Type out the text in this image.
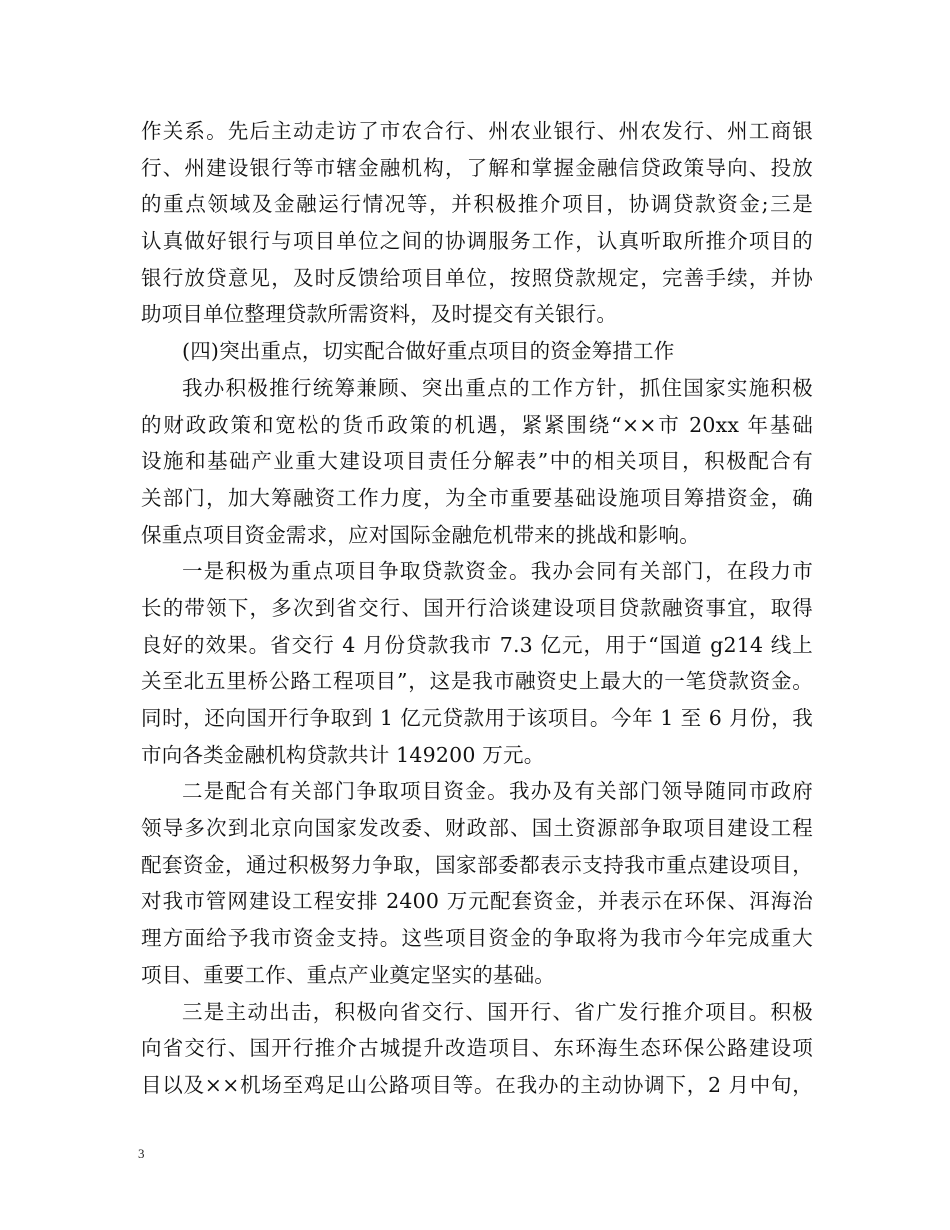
作关系。先后主动走访了市农合行、州农业银行、州农发行、州工商银
行、州建设银行等市辖金融机构，了解和掌握金融信贷政策导向、投放
的重点领域及金融运行情况等，并积极推介项目，协调贷款资金;三是
认真做好银行与项目单位之间的协调服务工作，认真听取所推介项目的
银行放贷意见，及时反馈给项目单位，按照贷款规定，完善手续，并协
助项目单位整理贷款所需资料，及时提交有关银行。
(四)突出重点，切实配合做好重点项目的资金筹措工作
我办积极推行统筹兼顾、突出重点的工作方针，抓住国家实施积极
的财政政策和宽松的货币政策的机遇，紧紧围绕“××市 20xx 年基础
设施和基础产业重大建设项目责任分解表”中的相关项目，积极配合有
关部门，加大筹融资工作力度，为全市重要基础设施项目筹措资金，确
保重点项目资金需求，应对国际金融危机带来的挑战和影响。
一是积极为重点项目争取贷款资金。我办会同有关部门，在段力市
长的带领下，多次到省交行、国开行洽谈建设项目贷款融资事宜，取得
良好的效果。省交行 4 月份贷款我市 7.3 亿元，用于“国道 g214 线上
关至北五里桥公路工程项目”，这是我市融资史上最大的一笔贷款资金。
同时，还向国开行争取到 1 亿元贷款用于该项目。今年 1 至 6 月份，我
市向各类金融机构贷款共计 149200 万元。
二是配合有关部门争取项目资金。我办及有关部门领导随同市政府
领导多次到北京向国家发改委、财政部、国土资源部争取项目建设工程
配套资金，通过积极努力争取，国家部委都表示支持我市重点建设项目，
对我市管网建设工程安排 2400 万元配套资金，并表示在环保、洱海治
理方面给予我市资金支持。这些项目资金的争取将为我市今年完成重大
项目、重要工作、重点产业奠定坚实的基础。
三是主动出击，积极向省交行、国开行、省广发行推介项目。积极
向省交行、国开行推介古城提升改造项目、东环海生态环保公路建设项
目以及××机场至鸡足山公路项目等。在我办的主动协调下，2 月中旬，
3
